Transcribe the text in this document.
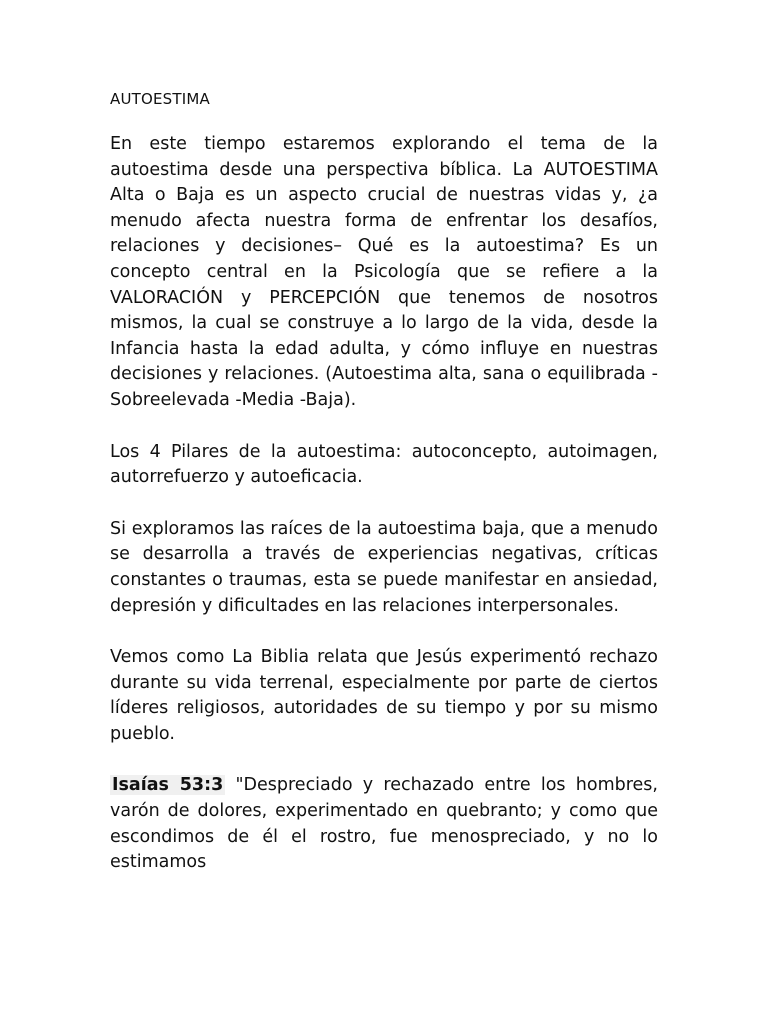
AUTOESTIMA

En este tiempo estaremos explorando el tema de la autoestima desde una perspectiva bíblica. La AUTOESTIMA Alta o Baja es un aspecto crucial de nuestras vidas y, ¿a menudo afecta nuestra forma de enfrentar los desafíos, relaciones y decisiones– Qué es la autoestima? Es un concepto central en la Psicología que se refiere a la VALORACIÓN y PERCEPCIÓN que tenemos de nosotros mismos, la cual se construye a lo largo de la vida, desde la Infancia hasta la edad adulta, y cómo influye en nuestras decisiones y relaciones. (Autoestima alta, sana o equilibrada -Sobreelevada -Media -Baja).

Los 4 Pilares de la autoestima: autoconcepto, autoimagen, autorrefuerzo y autoeficacia.

Si exploramos las raíces de la autoestima baja, que a menudo se desarrolla a través de experiencias negativas, críticas constantes o traumas, esta se puede manifestar en ansiedad, depresión y dificultades en las relaciones interpersonales.

Vemos como La Biblia relata que Jesús experimentó rechazo durante su vida terrenal, especialmente por parte de ciertos líderes religiosos, autoridades de su tiempo y por su mismo pueblo.

Isaías 53:3 "Despreciado y rechazado entre los hombres, varón de dolores, experimentado en quebranto; y como que escondimos de él el rostro, fue menospreciado, y no lo estimamos
